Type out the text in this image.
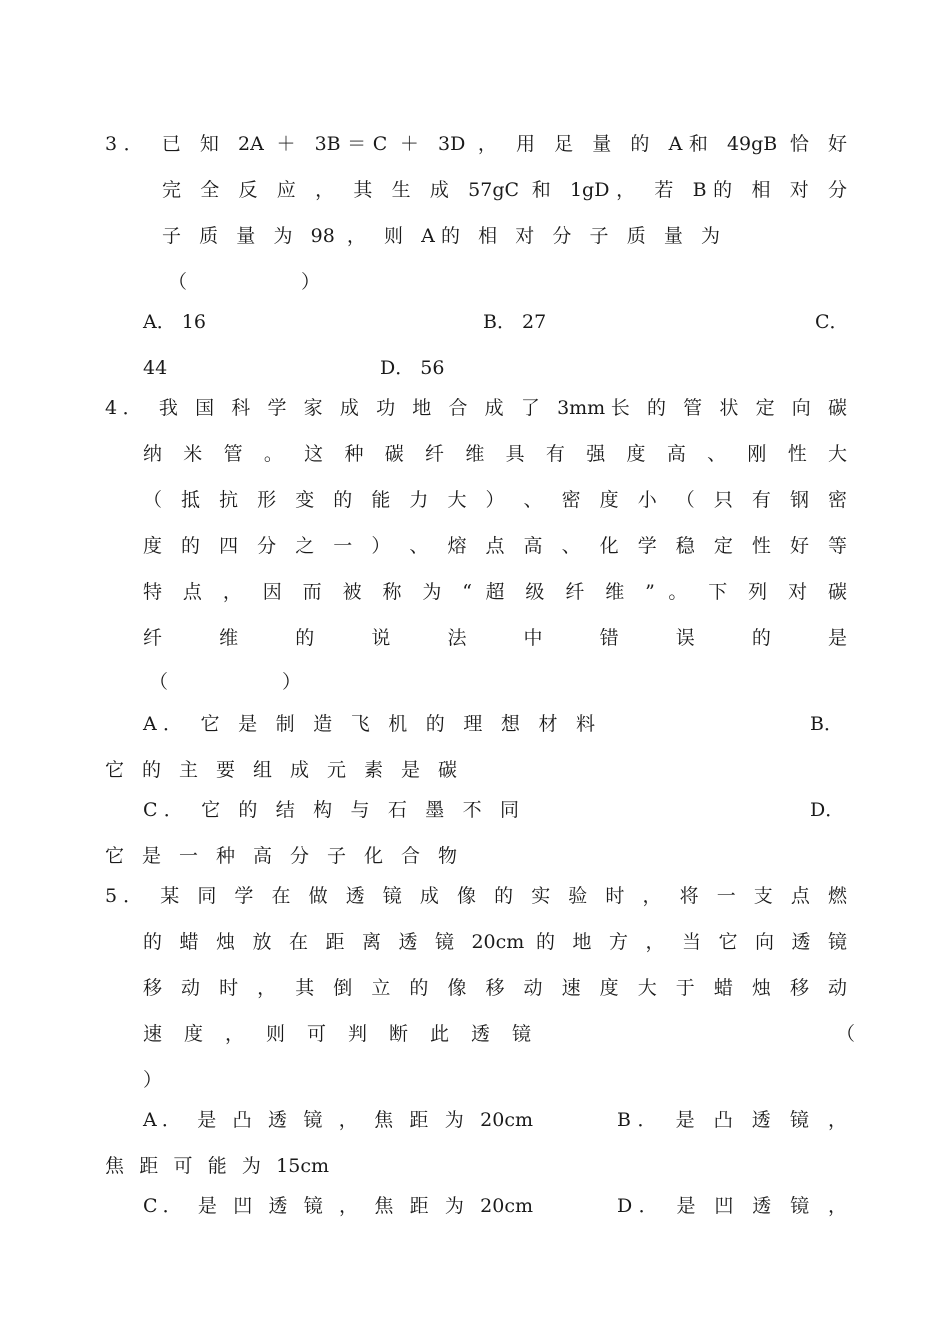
3． 已 知 2A ＋ 3B＝C ＋ 3D ， 用 足 量 的 A和 49gB 恰 好
完 全 反 应 ， 其 生 成 57gC 和 1gD， 若 B的 相 对 分
子 质 量 为 98 ， 则 A的 相 对 分 子 质 量 为
（ ）
A． 16	B． 27	C．
44	D． 56
4． 我 国 科 学 家 成 功 地 合 成 了 3mm长 的 管 状 定 向 碳
纳 米 管 。 这 种 碳 纤 维 具 有 强 度 高 、 刚 性 大
（ 抵 抗 形 变 的 能 力 大 ） 、 密 度 小 （ 只 有 钢 密
度 的 四 分 之 一 ） 、 熔 点 高 、 化 学 稳 定 性 好 等
特 点 ， 因 而 被 称 为 “ 超 级 纤 维 ” 。 下 列 对 碳
纤 维 的 说 法 中 错 误 的 是
（ ）
A． 它 是 制 造 飞 机 的 理 想 材 料	B．
它 的 主 要 组 成 元 素 是 碳
C． 它 的 结 构 与 石 墨 不 同	D．
它 是 一 种 高 分 子 化 合 物
5． 某 同 学 在 做 透 镜 成 像 的 实 验 时 ， 将 一 支 点 燃
的 蜡 烛 放 在 距 离 透 镜 20cm 的 地 方 ， 当 它 向 透 镜
移 动 时 ， 其 倒 立 的 像 移 动 速 度 大 于 蜡 烛 移 动
速 度 ， 则 可 判 断 此 透 镜	（
）
A． 是 凸 透 镜 ， 焦 距 为 20cm	B． 是 凸 透 镜 ，
焦 距 可 能 为 15cm
C． 是 凹 透 镜 ， 焦 距 为 20cm	D． 是 凹 透 镜 ，
